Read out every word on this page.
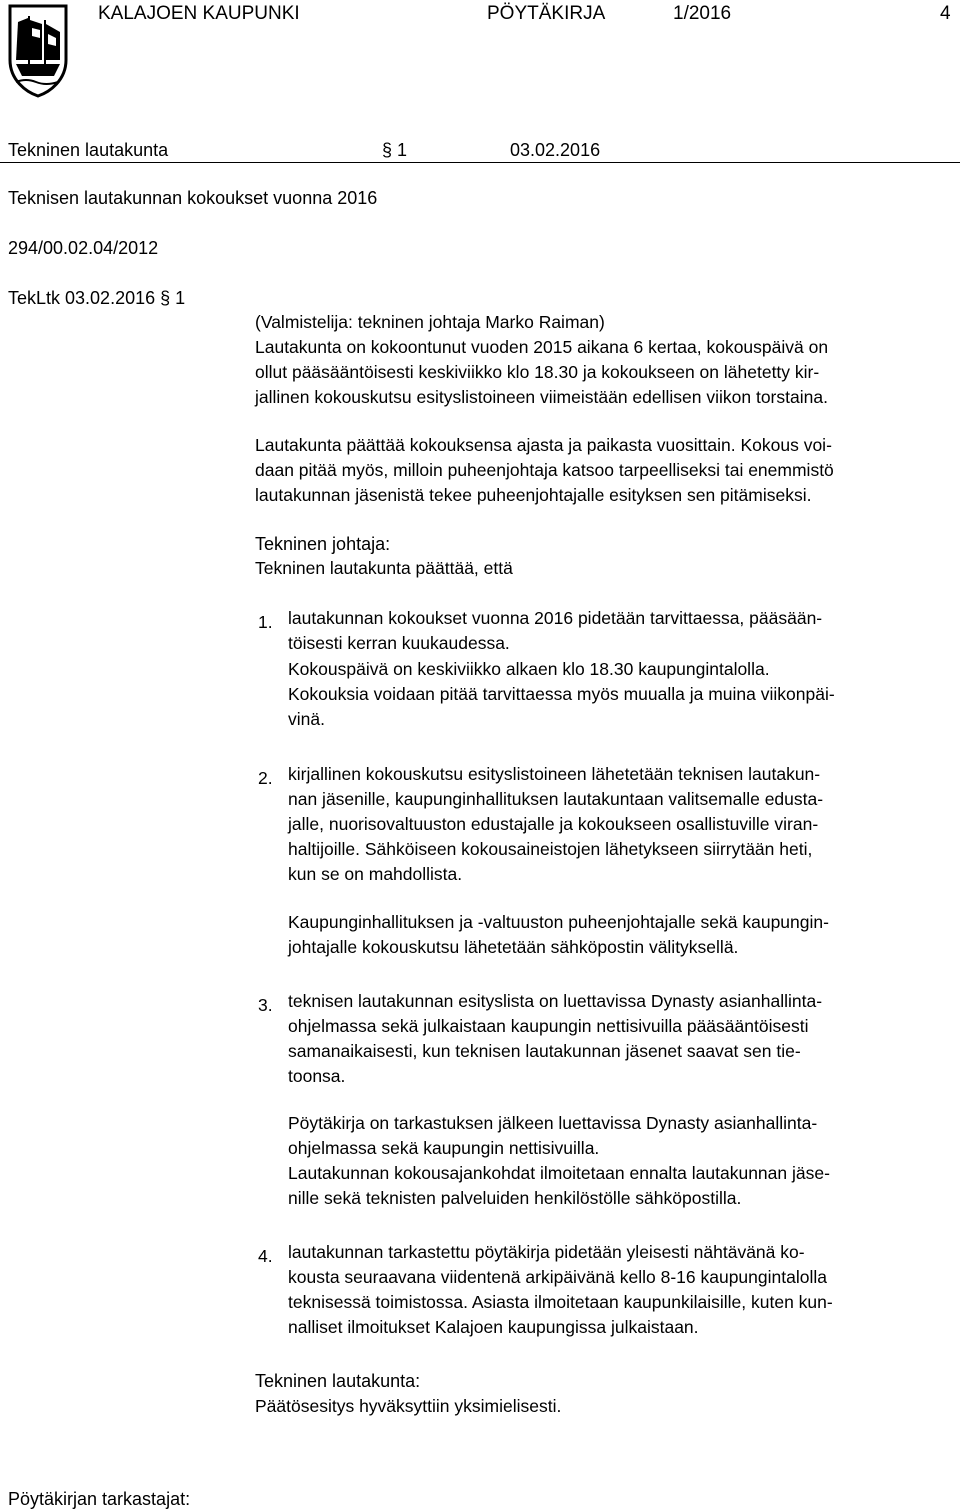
KALAJOEN KAUPUNKI	PÖYTÄKIRJA	1/2016	4
Tekninen lautakunta	§ 1	03.02.2016
Teknisen lautakunnan kokoukset vuonna 2016
294/00.02.04/2012
TekLtk 03.02.2016 § 1
(Valmistelija: tekninen johtaja Marko Raiman)
Lautakunta on kokoontunut vuoden 2015 aikana 6 kertaa, kokouspäivä on
ollut pääsääntöisesti keskiviikko klo 18.30 ja kokoukseen on lähetetty kir-
jallinen kokouskutsu esityslistoineen viimeistään edellisen viikon torstaina.
Lautakunta päättää kokouksensa ajasta ja paikasta vuosittain. Kokous voi-
daan pitää myös, milloin puheenjohtaja katsoo tarpeelliseksi tai enemmistö
lautakunnan jäsenistä tekee puheenjohtajalle esityksen sen pitämiseksi.
Tekninen johtaja:
Tekninen lautakunta päättää, että
1. lautakunnan kokoukset vuonna 2016 pidetään tarvittaessa, pääsään-
töisesti kerran kuukaudessa.
Kokouspäivä on keskiviikko alkaen klo 18.30 kaupungintalolla.
Kokouksia voidaan pitää tarvittaessa myös muualla ja muina viikonpäi-
vinä.
2. kirjallinen kokouskutsu esityslistoineen lähetetään teknisen lautakun-
nan jäsenille, kaupunginhallituksen lautakuntaan valitsemalle edusta-
jalle, nuorisovaltuuston edustajalle ja kokoukseen osallistuville viran-
haltijoille. Sähköiseen kokousaineistojen lähetykseen siirrytään heti,
kun se on mahdollista.
Kaupunginhallituksen ja -valtuuston puheenjohtajalle sekä kaupungin-
johtajalle kokouskutsu lähetetään sähköpostin välityksellä.
3. teknisen lautakunnan esityslista on luettavissa Dynasty asianhallinta-
ohjelmassa sekä julkaistaan kaupungin nettisivuilla pääsääntöisesti
samanaikaisesti, kun teknisen lautakunnan jäsenet saavat sen tie-
toonsa.
Pöytäkirja on tarkastuksen jälkeen luettavissa Dynasty asianhallinta-
ohjelmassa sekä kaupungin nettisivuilla.
Lautakunnan kokousajankohdat ilmoitetaan ennalta lautakunnan jäse-
nille sekä teknisten palveluiden henkilöstölle sähköpostilla.
4. lautakunnan tarkastettu pöytäkirja pidetään yleisesti nähtävänä ko-
kousta seuraavana viidentenä arkipäivänä kello 8-16 kaupungintalolla
teknisessä toimistossa. Asiasta ilmoitetaan kaupunkilaisille, kuten kun-
nalliset ilmoitukset Kalajoen kaupungissa julkaistaan.
Tekninen lautakunta:
Päätösesitys hyväksyttiin yksimielisesti.
Pöytäkirjan tarkastajat:
